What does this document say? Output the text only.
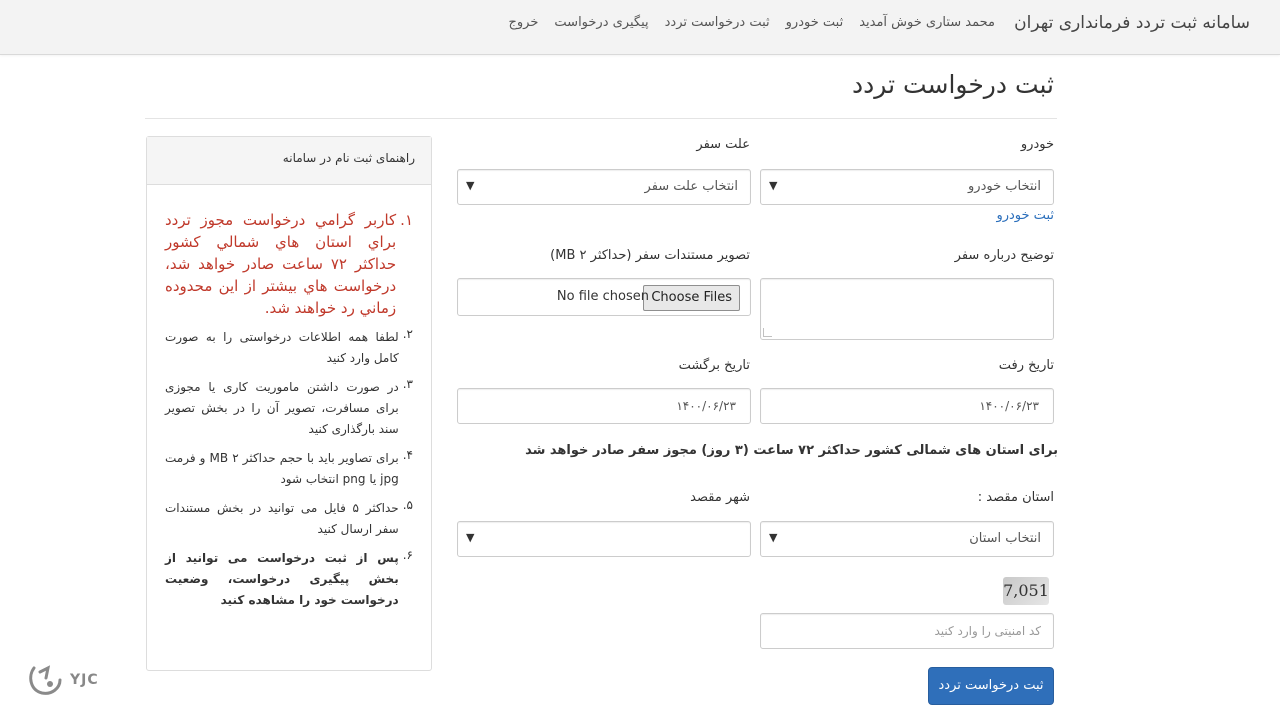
سامانه ثبت تردد فرمانداری تهران
محمد ستاری خوش آمدید
ثبت خودرو
ثبت درخواست تردد
پیگیری درخواست
خروج
ثبت درخواست تردد
خودرو
انتخاب خودرو
▼
ثبت خودرو
علت سفر
انتخاب علت سفر
▼
توضیح درباره سفر
تصویر مستندات سفر (حداکثر ۲ MB)
Choose Files
No file chosen
تاریخ رفت
۱۴۰۰/۰۶/۲۳
تاریخ برگشت
۱۴۰۰/۰۶/۲۳
برای استان های شمالی کشور حداکثر ۷۲ ساعت (۳ روز) مجوز سفر صادر خواهد شد
استان مقصد :
انتخاب استان
▼
شهر مقصد
▼
7,051
کد امنیتی را وارد کنید
ثبت درخواست تردد
راهنمای ثبت نام در سامانه
۱.
کاربر گرامي درخواست مجوز تردد براي استان هاي شمالي كشور حداكثر ۷۲ ساعت صادر خواهد شد، درخواست هاي بيشتر از اين محدوده زماني رد خواهند شد.
۲.
لطفا همه اطلاعات درخواستی را به صورت کامل وارد کنید
۳.
در صورت داشتن ماموریت کاری یا مجوزی برای مسافرت، تصویر آن را در بخش تصویر سند بارگذاری کنید
۴.
برای تصاویر باید با حجم حداکثر ۲ MB و فرمت jpg یا png انتخاب شود
۵.
حداکثر ۵ فایل می توانید در بخش مستندات سفر ارسال کنید
۶.
پس از ثبت درخواست می توانید از بخش پیگیری درخواست، وضعیت درخواست خود را مشاهده کنید
YJC
